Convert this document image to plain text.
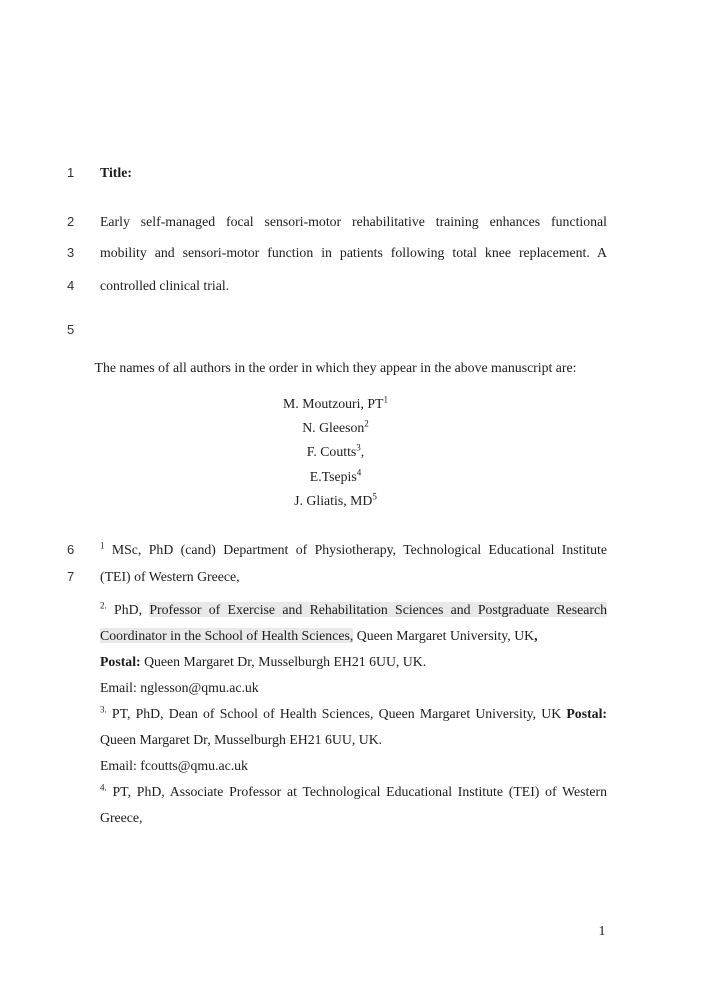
1
2
3
4
5
6
7
Title:
Early self-managed focal sensori-motor rehabilitative training enhances functional
mobility and sensori-motor function in patients following total knee replacement. A
controlled clinical trial.
The names of all authors in the order in which they appear in the above manuscript are:
M. Moutzouri, $PT^1$
N. Gleeson$^2$
F. Coutts$^3$,
E.Tsepis$^4$
J. Gliatis, $MD^5$
$^1$ MSc, PhD (cand) Department of Physiotherapy, Technological Educational Institute
(TEI) of Western Greece,
$^{2.}$ PhD, Professor of Exercise and Rehabilitation Sciences and Postgraduate Research
Coordinator in the School of Health Sciences, Queen Margaret University, UK,
Postal: Queen Margaret Dr, Musselburgh EH21 6UU, UK.
Email: nglesson@qmu.ac.uk
$^{3.}$ PT, PhD, Dean of School of Health Sciences, Queen Margaret University, UK Postal:
Queen Margaret Dr, Musselburgh EH21 6UU, UK.
Email: fcoutts@qmu.ac.uk
$^{4.}$ PT, PhD, Associate Professor at Technological Educational Institute (TEI) of Western
Greece,
1
